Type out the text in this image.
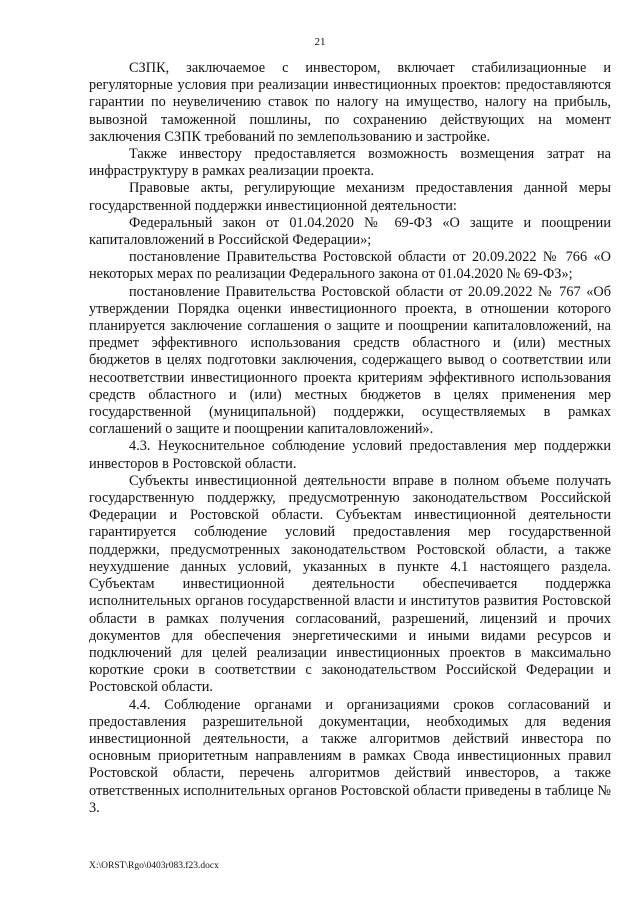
21

СЗПК, заключаемое с инвестором, включает стабилизационные и регуляторные условия при реализации инвестиционных проектов: предоставляются гарантии по неувеличению ставок по налогу на имущество, налогу на прибыль, вывозной таможенной пошлины, по сохранению действующих на момент заключения СЗПК требований по землепользованию и застройке.

Также инвестору предоставляется возможность возмещения затрат на инфраструктуру в рамках реализации проекта.

Правовые акты, регулирующие механизм предоставления данной меры государственной поддержки инвестиционной деятельности:

Федеральный закон от 01.04.2020 № 69-ФЗ «О защите и поощрении капиталовложений в Российской Федерации»;

постановление Правительства Ростовской области от 20.09.2022 № 766 «О некоторых мерах по реализации Федерального закона от 01.04.2020 № 69-ФЗ»;

постановление Правительства Ростовской области от 20.09.2022 № 767 «Об утверждении Порядка оценки инвестиционного проекта, в отношении которого планируется заключение соглашения о защите и поощрении капиталовложений, на предмет эффективного использования средств областного и (или) местных бюджетов в целях подготовки заключения, содержащего вывод о соответствии или несоответствии инвестиционного проекта критериям эффективного использования средств областного и (или) местных бюджетов в целях применения мер государственной (муниципальной) поддержки, осуществляемых в рамках соглашений о защите и поощрении капиталовложений».

4.3. Неукоснительное соблюдение условий предоставления мер поддержки инвесторов в Ростовской области.

Субъекты инвестиционной деятельности вправе в полном объеме получать государственную поддержку, предусмотренную законодательством Российской Федерации и Ростовской области. Субъектам инвестиционной деятельности гарантируется соблюдение условий предоставления мер государственной поддержки, предусмотренных законодательством Ростовской области, а также неухудшение данных условий, указанных в пункте 4.1 настоящего раздела. Субъектам инвестиционной деятельности обеспечивается поддержка исполнительных органов государственной власти и институтов развития Ростовской области в рамках получения согласований, разрешений, лицензий и прочих документов для обеспечения энергетическими и иными видами ресурсов и подключений для целей реализации инвестиционных проектов в максимально короткие сроки в соответствии с законодательством Российской Федерации и Ростовской области.

4.4. Соблюдение органами и организациями сроков согласований и предоставления разрешительной документации, необходимых для ведения инвестиционной деятельности, а также алгоритмов действий инвестора по основным приоритетным направлениям в рамках Свода инвестиционных правил Ростовской области, перечень алгоритмов действий инвесторов, а также ответственных исполнительных органов Ростовской области приведены в таблице № 3.

X:\ORST\Rgo\0403r083.f23.docx
